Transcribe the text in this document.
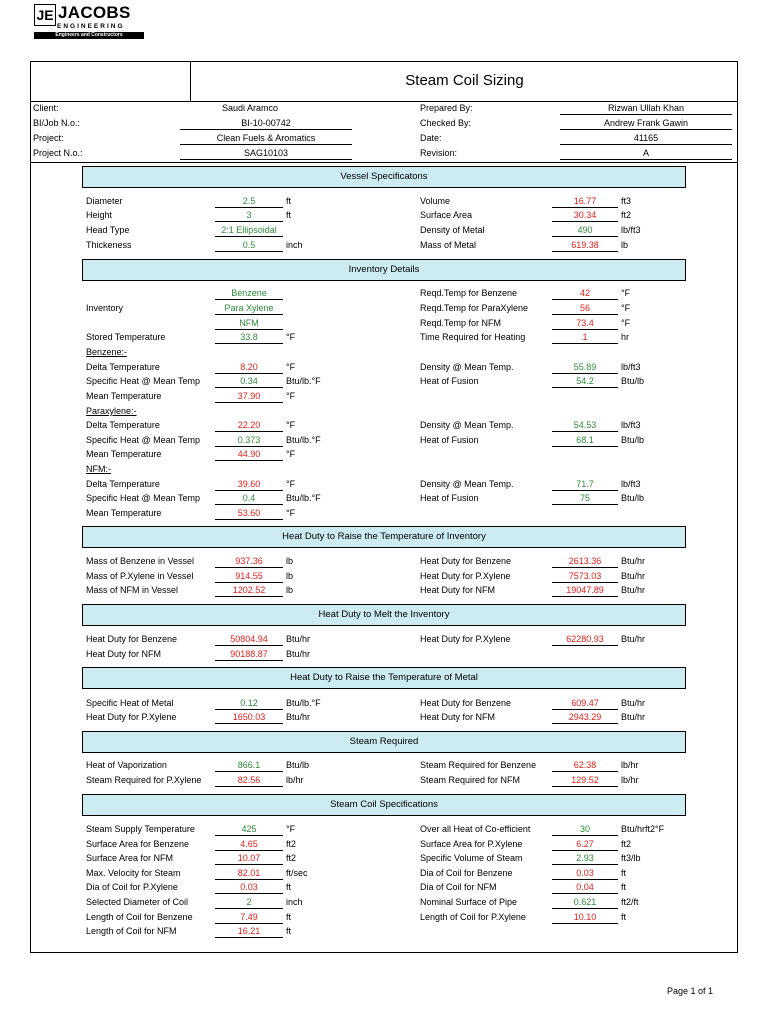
JE JACOBS
ENGINEERING
Engineers and Constructors
Steam Coil Sizing
Client:	Saudi Aramco
BI/Job N.o.:	BI-10-00742
Project:	Clean Fuels & Aromatics
Project N.o.:	SAG10103
Prepared By:	Rizwan Ullah Khan
Checked By:	Andrew Frank Gawin
Date:	41165
Revision:	A
Vessel Specificatons
Diameter	2.5	ft
Height	3	ft
Head Type	2:1 Ellipsoidal
Thickeness	0.5	inch
Volume	16.77	ft3
Surface Area	30.34	ft2
Density of Metal	490	lb/ft3
Mass of Metal	619.38	lb
Inventory Details
Benzene
Inventory	Para Xylene
NFM
Stored Temperature	33.8	°F
Reqd.Temp for Benzene	42	°F
Reqd.Temp for ParaXylene	56	°F
Reqd.Temp for NFM	73.4	°F
Time Required for Heating	1	hr
Benzene:-
Delta Temperature	8.20	°F
Specific Heat @ Mean Temp	0.34	Btu/lb.°F
Mean Temperature	37.90	°F
Density @ Mean Temp.	55.89	lb/ft3
Heat of Fusion	54.2	Btu/lb
Paraxylene:-
Delta Temperature	22.20	°F
Specific Heat @ Mean Temp	0.373	Btu/lb.°F
Mean Temperature	44.90	°F
Density @ Mean Temp.	54.53	lb/ft3
Heat of Fusion	68.1	Btu/lb
NFM:-
Delta Temperature	39.60	°F
Specific Heat @ Mean Temp	0.4	Btu/lb.°F
Mean Temperature	53.60	°F
Density @ Mean Temp.	71.7	lb/ft3
Heat of Fusion	75	Btu/lb
Heat Duty to Raise the Temperature of Inventory
Mass of Benzene in Vessel	937.36	lb
Mass of P.Xylene in Vessel	914.55	lb
Mass of NFM in Vessel	1202.52	lb
Heat Duty for Benzene	2613.36	Btu/hr
Heat Duty for P.Xylene	7573.03	Btu/hr
Heat Duty for NFM	19047.89	Btu/hr
Heat Duty to Melt the Inventory
Heat Duty for Benzene	50804.94	Btu/hr
Heat Duty for NFM	90188.87	Btu/hr
Heat Duty for P.Xylene	62280.93	Btu/hr
Heat Duty to Raise the Temperature of Metal
Specific Heat of Metal	0.12	Btu/lb.°F
Heat Duty for P.Xylene	1650.03	Btu/hr
Heat Duty for Benzene	609.47	Btu/hr
Heat Duty for NFM	2943.29	Btu/hr
Steam Required
Heat of Vaporization	866.1	Btu/lb
Steam Required for P.Xylene	82.56	lb/hr
Steam Required for Benzene	62.38	lb/hr
Steam Required for NFM	129.52	lb/hr
Steam Coil Specifications
Steam Supply Temperature	425	°F
Surface Area for Benzene	4.65	ft2
Surface Area for NFM	10.07	ft2
Max. Velocity for Steam	82.01	ft/sec
Dia of Coil for P.Xylene	0.03	ft
Selected Diameter of Coil	2	inch
Length of Coil for Benzene	7.49	ft
Length of Coil for NFM	16.21	ft
Over all Heat of Co-efficient	30	Btu/hrft2°F
Surface Area for P.Xylene	6.27	ft2
Specific Volume of Steam	2.93	ft3/lb
Dia of Coil for Benzene	0.03	ft
Dia of Coil for NFM	0.04	ft
Nominal Surface of Pipe	0.621	ft2/ft
Length of Coil for P.Xylene	10.10	ft
Page 1 of 1
